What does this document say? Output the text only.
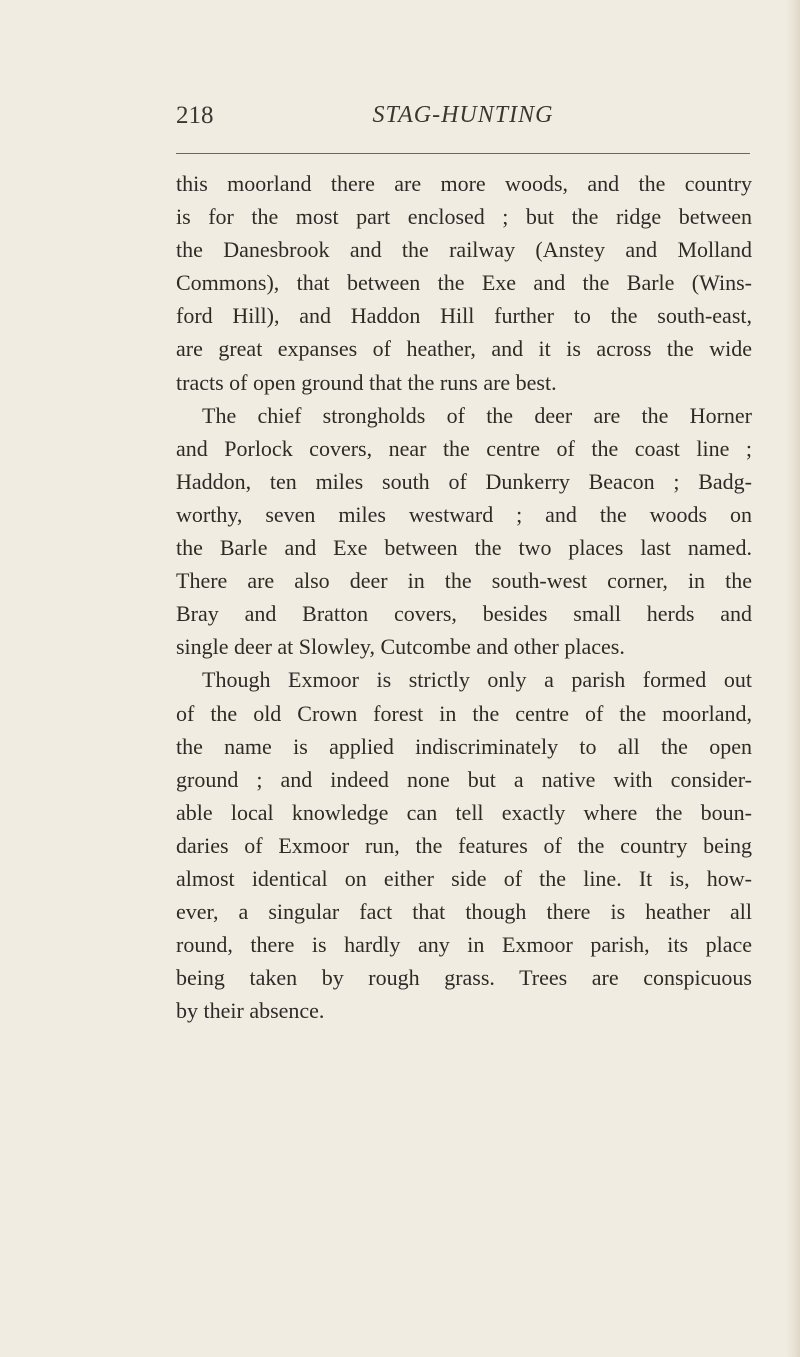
218	STAG-HUNTING
this moorland there are more woods, and the country
is for the most part enclosed ; but the ridge between
the Danesbrook and the railway (Anstey and Molland
Commons), that between the Exe and the Barle (Wins-
ford Hill), and Haddon Hill further to the south-east,
are great expanses of heather, and it is across the wide
tracts of open ground that the runs are best.
The chief strongholds of the deer are the Horner
and Porlock covers, near the centre of the coast line ;
Haddon, ten miles south of Dunkerry Beacon ; Badg-
worthy, seven miles westward ; and the woods on
the Barle and Exe between the two places last named.
There are also deer in the south-west corner, in the
Bray and Bratton covers, besides small herds and
single deer at Slowley, Cutcombe and other places.
Though Exmoor is strictly only a parish formed out
of the old Crown forest in the centre of the moorland,
the name is applied indiscriminately to all the open
ground ; and indeed none but a native with consider-
able local knowledge can tell exactly where the boun-
daries of Exmoor run, the features of the country being
almost identical on either side of the line. It is, how-
ever, a singular fact that though there is heather all
round, there is hardly any in Exmoor parish, its place
being taken by rough grass. Trees are conspicuous
by their absence.
